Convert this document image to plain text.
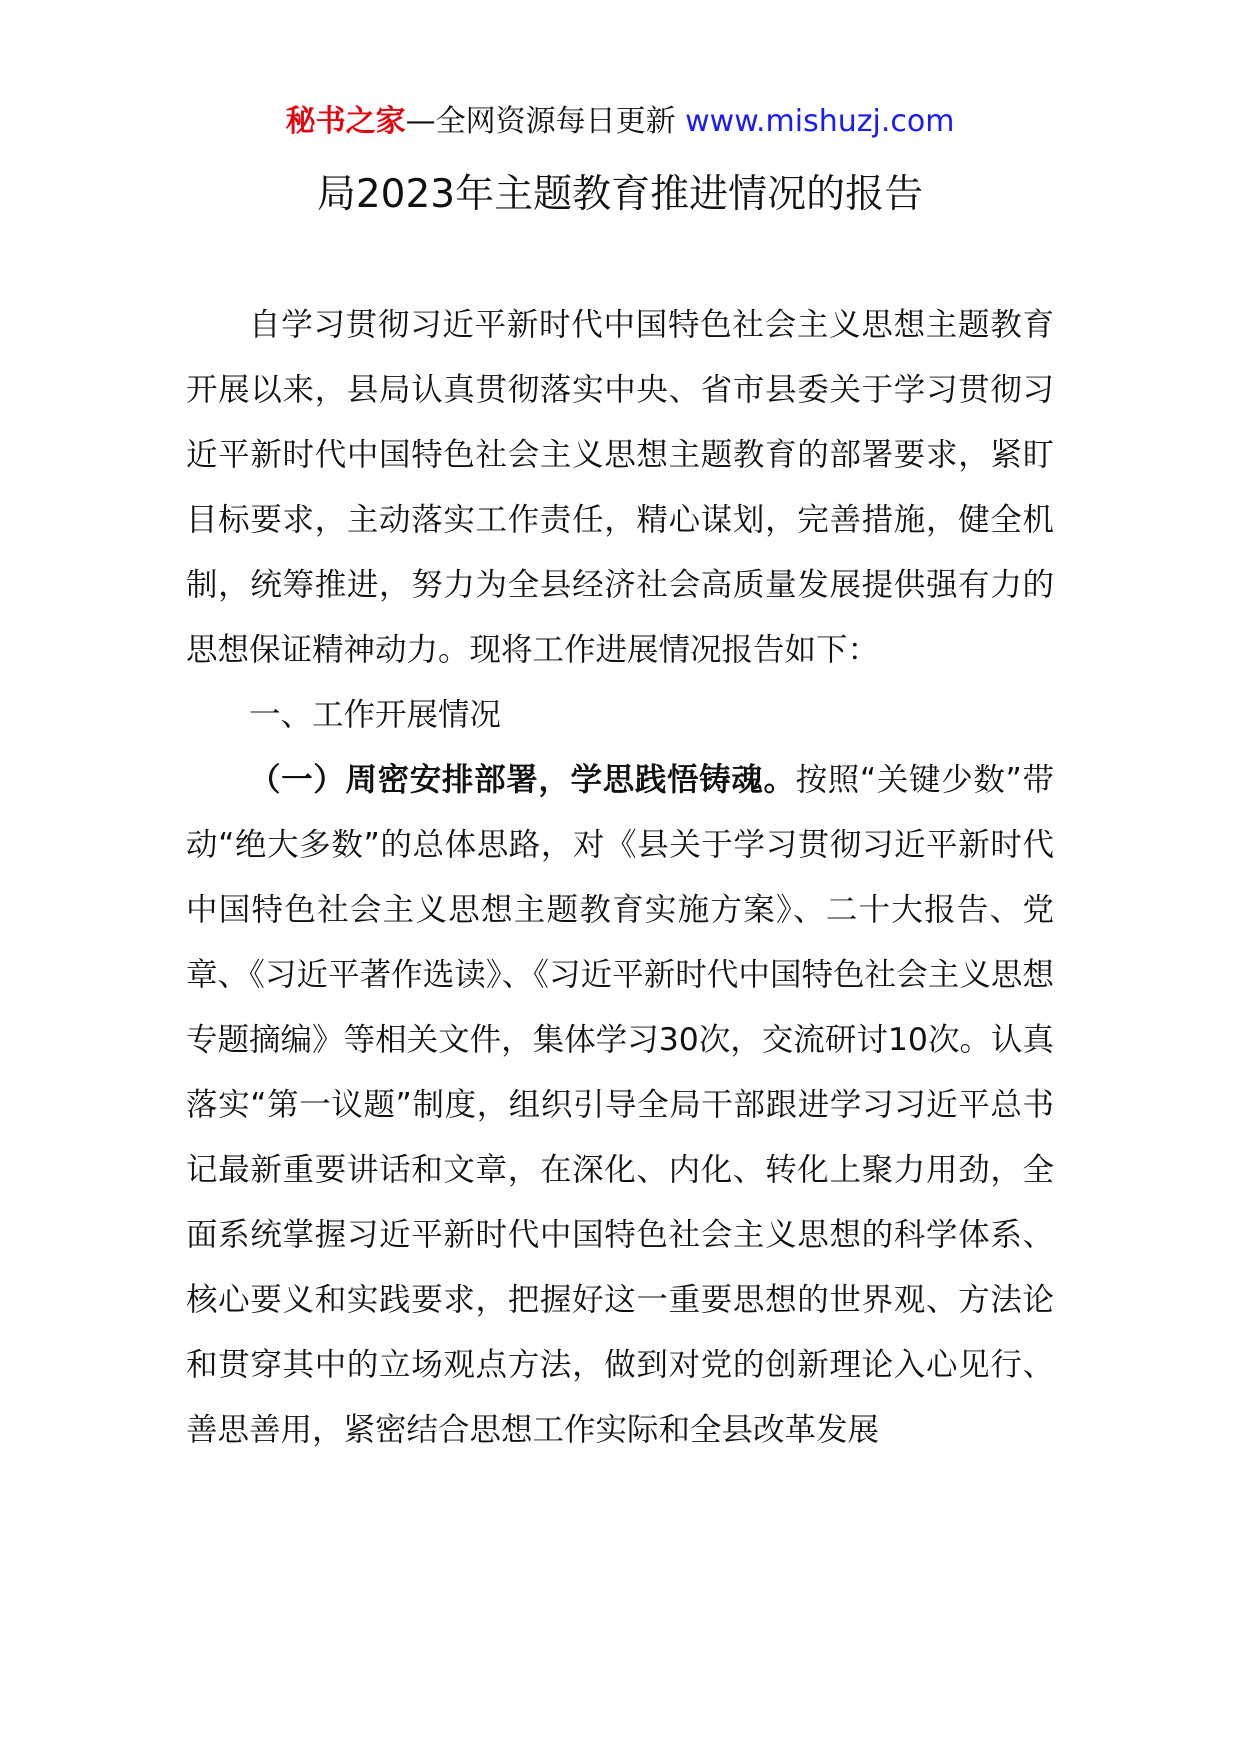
秘书之家—全网资源每日更新 www.mishuzj.com
局2023年主题教育推进情况的报告

自学习贯彻习近平新时代中国特色社会主义思想主题教育开展以来，县局认真贯彻落实中央、省市县委关于学习贯彻习近平新时代中国特色社会主义思想主题教育的部署要求，紧盯目标要求，主动落实工作责任，精心谋划，完善措施，健全机制，统筹推进，努力为全县经济社会高质量发展提供强有力的思想保证精神动力。现将工作进展情况报告如下：

一、工作开展情况

（一）周密安排部署，学思践悟铸魂。按照“关键少数”带动“绝大多数”的总体思路，对《县关于学习贯彻习近平新时代中国特色社会主义思想主题教育实施方案》、二十大报告、党章、《习近平著作选读》、《习近平新时代中国特色社会主义思想专题摘编》等相关文件，集体学习30次，交流研讨10次。认真落实“第一议题”制度，组织引导全局干部跟进学习习近平总书记最新重要讲话和文章，在深化、内化、转化上聚力用劲，全面系统掌握习近平新时代中国特色社会主义思想的科学体系、核心要义和实践要求，把握好这一重要思想的世界观、方法论和贯穿其中的立场观点方法，做到对党的创新理论入心见行、善思善用，紧密结合思想工作实际和全县改革发展
